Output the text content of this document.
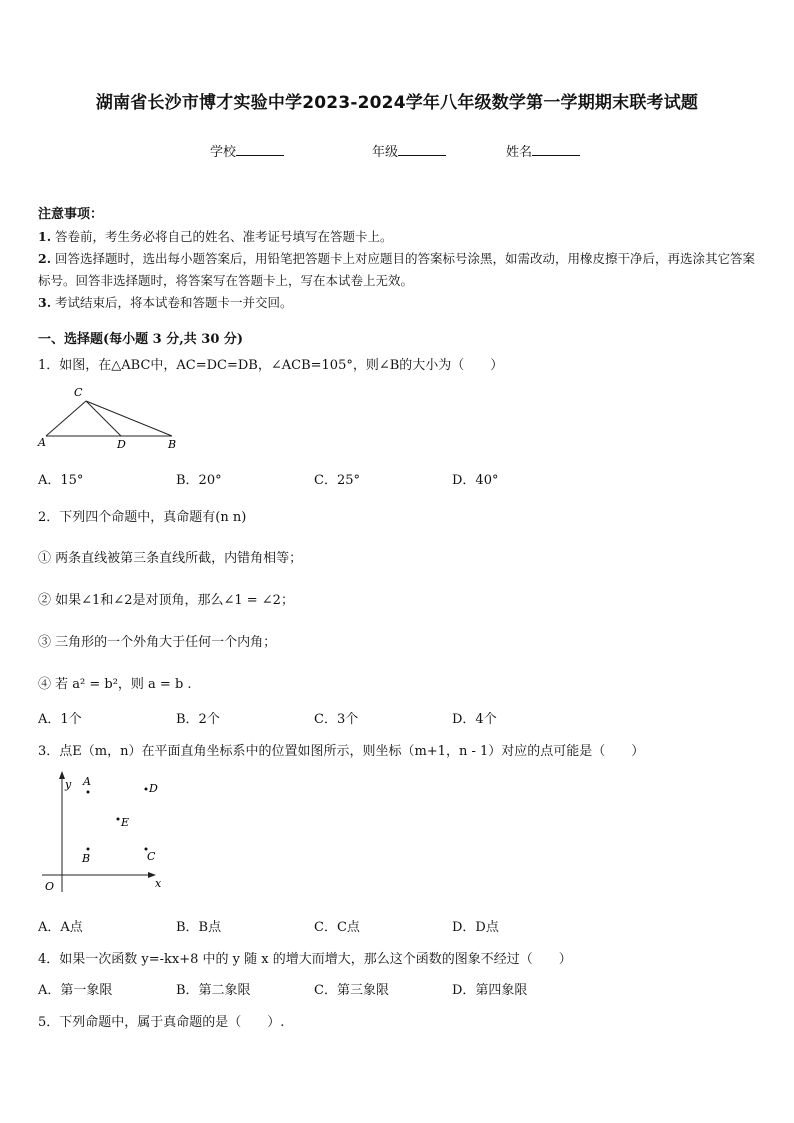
湖南省长沙市博才实验中学2023-2024学年八年级数学第一学期期末联考试题
学校	年级	姓名
注意事项：

1. 答卷前，考生务必将自己的姓名、准考证号填写在答题卡上。

2. 回答选择题时，选出每小题答案后，用铅笔把答题卡上对应题目的答案标号涂黑，如需改动，用橡皮擦干净后，再选涂其它答案标号。回答非选择题时，将答案写在答题卡上，写在本试卷上无效。

3. 考试结束后，将本试卷和答题卡一并交回。

一、选择题(每小题 3 分,共 30 分)
1．如图，在△ABC中，AC=DC=DB，∠ACB=105°，则∠B的大小为（　　）
C
A	D	B
A．15°	B．20°	C．25°	D．40°
2．下列四个命题中，真命题有(n n)
① 两条直线被第三条直线所截，内错角相等；
② 如果∠1和∠2是对顶角，那么∠1 = ∠2；
③ 三角形的一个外角大于任何一个内角；
④ 若 a² = b²，则 a = b .
A．1个	B．2个	C．3个	D．4个
3．点E（m，n）在平面直角坐标系中的位置如图所示，则坐标（m+1，n - 1）对应的点可能是（　　）
y A
D
E
B	C
O	x
A．A点	B．B点	C．C点	D．D点
4．如果一次函数 y=-kx+8 中的 y 随 x 的增大而增大，那么这个函数的图象不经过（　　）
A．第一象限	B．第二象限	C．第三象限	D．第四象限
5．下列命题中，属于真命题的是（　　）.
